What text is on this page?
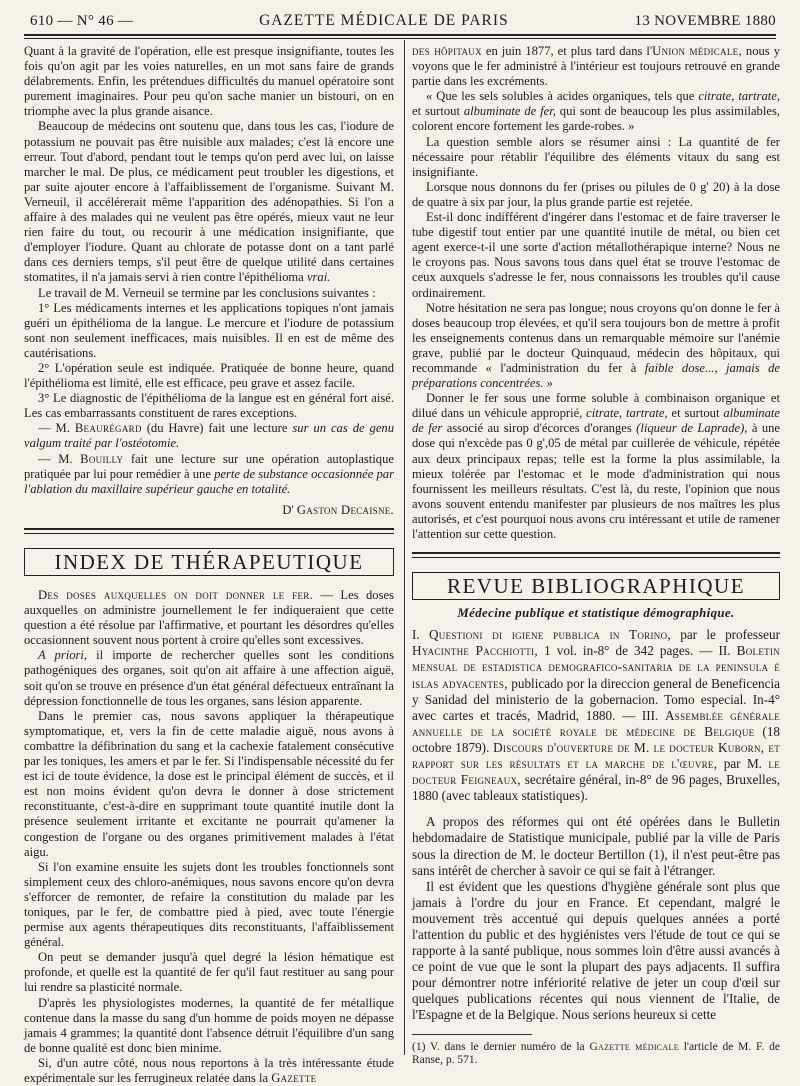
610 — N° 46 —	GAZETTE MÉDICALE DE PARIS	13 NOVEMBRE 1880

Quant à la gravité de l'opération, elle est presque insignifiante, toutes les fois qu'on agit par les voies naturelles, en un mot sans faire de grands délabrements. Enfin, les prétendues difficultés du manuel opératoire sont purement imaginaires. Pour peu qu'on sache manier un bistouri, on en triomphe avec la plus grande aisance.

Beaucoup de médecins ont soutenu que, dans tous les cas, l'iodure de potassium ne pouvait pas être nuisible aux malades; c'est là encore une erreur. Tout d'abord, pendant tout le temps qu'on perd avec lui, on laisse marcher le mal. De plus, ce médicament peut troubler les digestions, et par suite ajouter encore à l'affaiblissement de l'organisme. Suivant M. Verneuil, il accélérerait même l'apparition des adénopathies. Si l'on a affaire à des malades qui ne veulent pas être opérés, mieux vaut ne leur rien faire du tout, ou recourir à une médication insignifiante, que d'employer l'iodure. Quant au chlorate de potasse dont on a tant parlé dans ces derniers temps, s'il peut être de quelque utilité dans certaines stomatites, il n'a jamais servi à rien contre l'épithélioma vrai.

Le travail de M. Verneuil se termine par les conclusions suivantes :

1° Les médicaments internes et les applications topiques n'ont jamais guéri un épithélioma de la langue. Le mercure et l'iodure de potassium sont non seulement inefficaces, mais nuisibles. Il en est de même des cautérisations.

2° L'opération seule est indiquée. Pratiquée de bonne heure, quand l'épithélioma est limité, elle est efficace, peu grave et assez facile.

3° Le diagnostic de l'épithélioma de la langue est en général fort aisé. Les cas embarrassants constituent de rares exceptions.

— M. Beaurégard (du Havre) fait une lecture sur un cas de genu valgum traité par l'ostéotomie.

— M. Bouilly fait une lecture sur une opération autoplastique pratiquée par lui pour remédier à une perte de substance occasionnée par l'ablation du maxillaire supérieur gauche en totalité.

D' Gaston Decaisne.

INDEX DE THÉRAPEUTIQUE

Des doses auxquelles on doit donner le fer. — Les doses auxquelles on administre journellement le fer indiqueraient que cette question a été résolue par l'affirmative, et pourtant les désordres qu'elles occasionnent souvent nous portent à croire qu'elles sont excessives.

A priori, il importe de rechercher quelles sont les conditions pathogéniques des organes, soit qu'on ait affaire à une affection aiguë, soit qu'on se trouve en présence d'un état général défectueux entraînant la dépression fonctionnelle de tous les organes, sans lésion apparente.

Dans le premier cas, nous savons appliquer la thérapeutique symptomatique, et, vers la fin de cette maladie aiguë, nous avons à combattre la défibrination du sang et la cachexie fatalement consécutive par les toniques, les amers et par le fer. Si l'indispensable nécessité du fer est ici de toute évidence, la dose est le principal élément de succès, et il est non moins évident qu'on devra le donner à dose strictement reconstituante, c'est-à-dire en supprimant toute quantité inutile dont la présence seulement irritante et excitante ne pourrait qu'amener la congestion de l'organe ou des organes primitivement malades à l'état aigu.

Si l'on examine ensuite les sujets dont les troubles fonctionnels sont simplement ceux des chloro-anémiques, nous savons encore qu'on devra s'efforcer de remonter, de refaire la constitution du malade par les toniques, par le fer, de combattre pied à pied, avec toute l'énergie permise aux agents thérapeutiques dits reconstituants, l'affaiblissement général.

On peut se demander jusqu'à quel degré la lésion hématique est profonde, et quelle est la quantité de fer qu'il faut restituer au sang pour lui rendre sa plasticité normale.

D'après les physiologistes modernes, la quantité de fer métallique contenue dans la masse du sang d'un homme de poids moyen ne dépasse jamais 4 grammes; la quantité dont l'absence détruit l'équilibre d'un sang de bonne qualité est donc bien minime.

Si, d'un autre côté, nous nous reportons à la très intéressante étude expérimentale sur les ferrugineux relatée dans la Gazette

des hôpitaux en juin 1877, et plus tard dans l'Union médicale, nous y voyons que le fer administré à l'intérieur est toujours retrouvé en grande partie dans les excréments.

« Que les sels solubles à acides organiques, tels que citrate, tartrate, et surtout albuminate de fer, qui sont de beaucoup les plus assimilables, colorent encore fortement les garde-robes. »

La question semble alors se résumer ainsi : La quantité de fer nécessaire pour rétablir l'équilibre des éléments vitaux du sang est insignifiante.

Lorsque nous donnons du fer (prises ou pilules de 0 g' 20) à la dose de quatre à six par jour, la plus grande partie est rejetée.

Est-il donc indifférent d'ingérer dans l'estomac et de faire traverser le tube digestif tout entier par une quantité inutile de métal, ou bien cet agent exerce-t-il une sorte d'action métallothérapique interne? Nous ne le croyons pas. Nous savons tous dans quel état se trouve l'estomac de ceux auxquels s'adresse le fer, nous connaissons les troubles qu'il cause ordinairement.

Notre hésitation ne sera pas longue; nous croyons qu'on donne le fer à doses beaucoup trop élevées, et qu'il sera toujours bon de mettre à profit les enseignements contenus dans un remarquable mémoire sur l'anémie grave, publié par le docteur Quinquaud, médecin des hôpitaux, qui recommande « l'administration du fer à faible dose..., jamais de préparations concentrées. »

Donner le fer sous une forme soluble à combinaison organique et dilué dans un véhicule approprié, citrate, tartrate, et surtout albuminate de fer associé au sirop d'écorces d'oranges (liqueur de Laprade), à une dose qui n'excède pas 0 g',05 de métal par cuillerée de véhicule, répétée aux deux principaux repas; telle est la forme la plus assimilable, la mieux tolérée par l'estomac et le mode d'administration qui nous fournissent les meilleurs résultats. C'est là, du reste, l'opinion que nous avons souvent entendu manifester par plusieurs de nos maîtres les plus autorisés, et c'est pourquoi nous avons cru intéressant et utile de ramener l'attention sur cette question.

REVUE BIBLIOGRAPHIQUE
Médecine publique et statistique démographique.

I. Questioni di igiene pubblica in Torino, par le professeur Hyacinthe Pacchiotti, 1 vol. in-8° de 342 pages. — II. Boletin mensual de estadistica demografico-sanitaria de la peninsula é islas adyacentes, publicado por la direccion general de Beneficencia y Sanidad del ministerio de la gobernacion. Tomo especial. In-4° avec cartes et tracés, Madrid, 1880. — III. Assemblée générale annuelle de la société royale de médecine de Belgique (18 octobre 1879). Discours d'ouverture de M. le docteur Kuborn, et rapport sur les résultats et la marche de l'œuvre, par M. le docteur Feigneaux, secrétaire général, in-8° de 96 pages, Bruxelles, 1880 (avec tableaux statistiques).

A propos des réformes qui ont été opérées dans le Bulletin hebdomadaire de Statistique municipale, publié par la ville de Paris sous la direction de M. le docteur Bertillon (1), il n'est peut-être pas sans intérêt de chercher à savoir ce qui se fait à l'étranger.

Il est évident que les questions d'hygiène générale sont plus que jamais à l'ordre du jour en France. Et cependant, malgré le mouvement très accentué qui depuis quelques années a porté l'attention du public et des hygiénistes vers l'étude de tout ce qui se rapporte à la santé publique, nous sommes loin d'être aussi avancés à ce point de vue que le sont la plupart des pays adjacents. Il suffira pour démontrer notre infériorité relative de jeter un coup d'œil sur quelques publications récentes qui nous viennent de l'Italie, de l'Espagne et de la Belgique. Nous serions heureux si cette

(1) V. dans le dernier numéro de la Gazette médicale l'article de M. F. de Ranse, p. 571.
